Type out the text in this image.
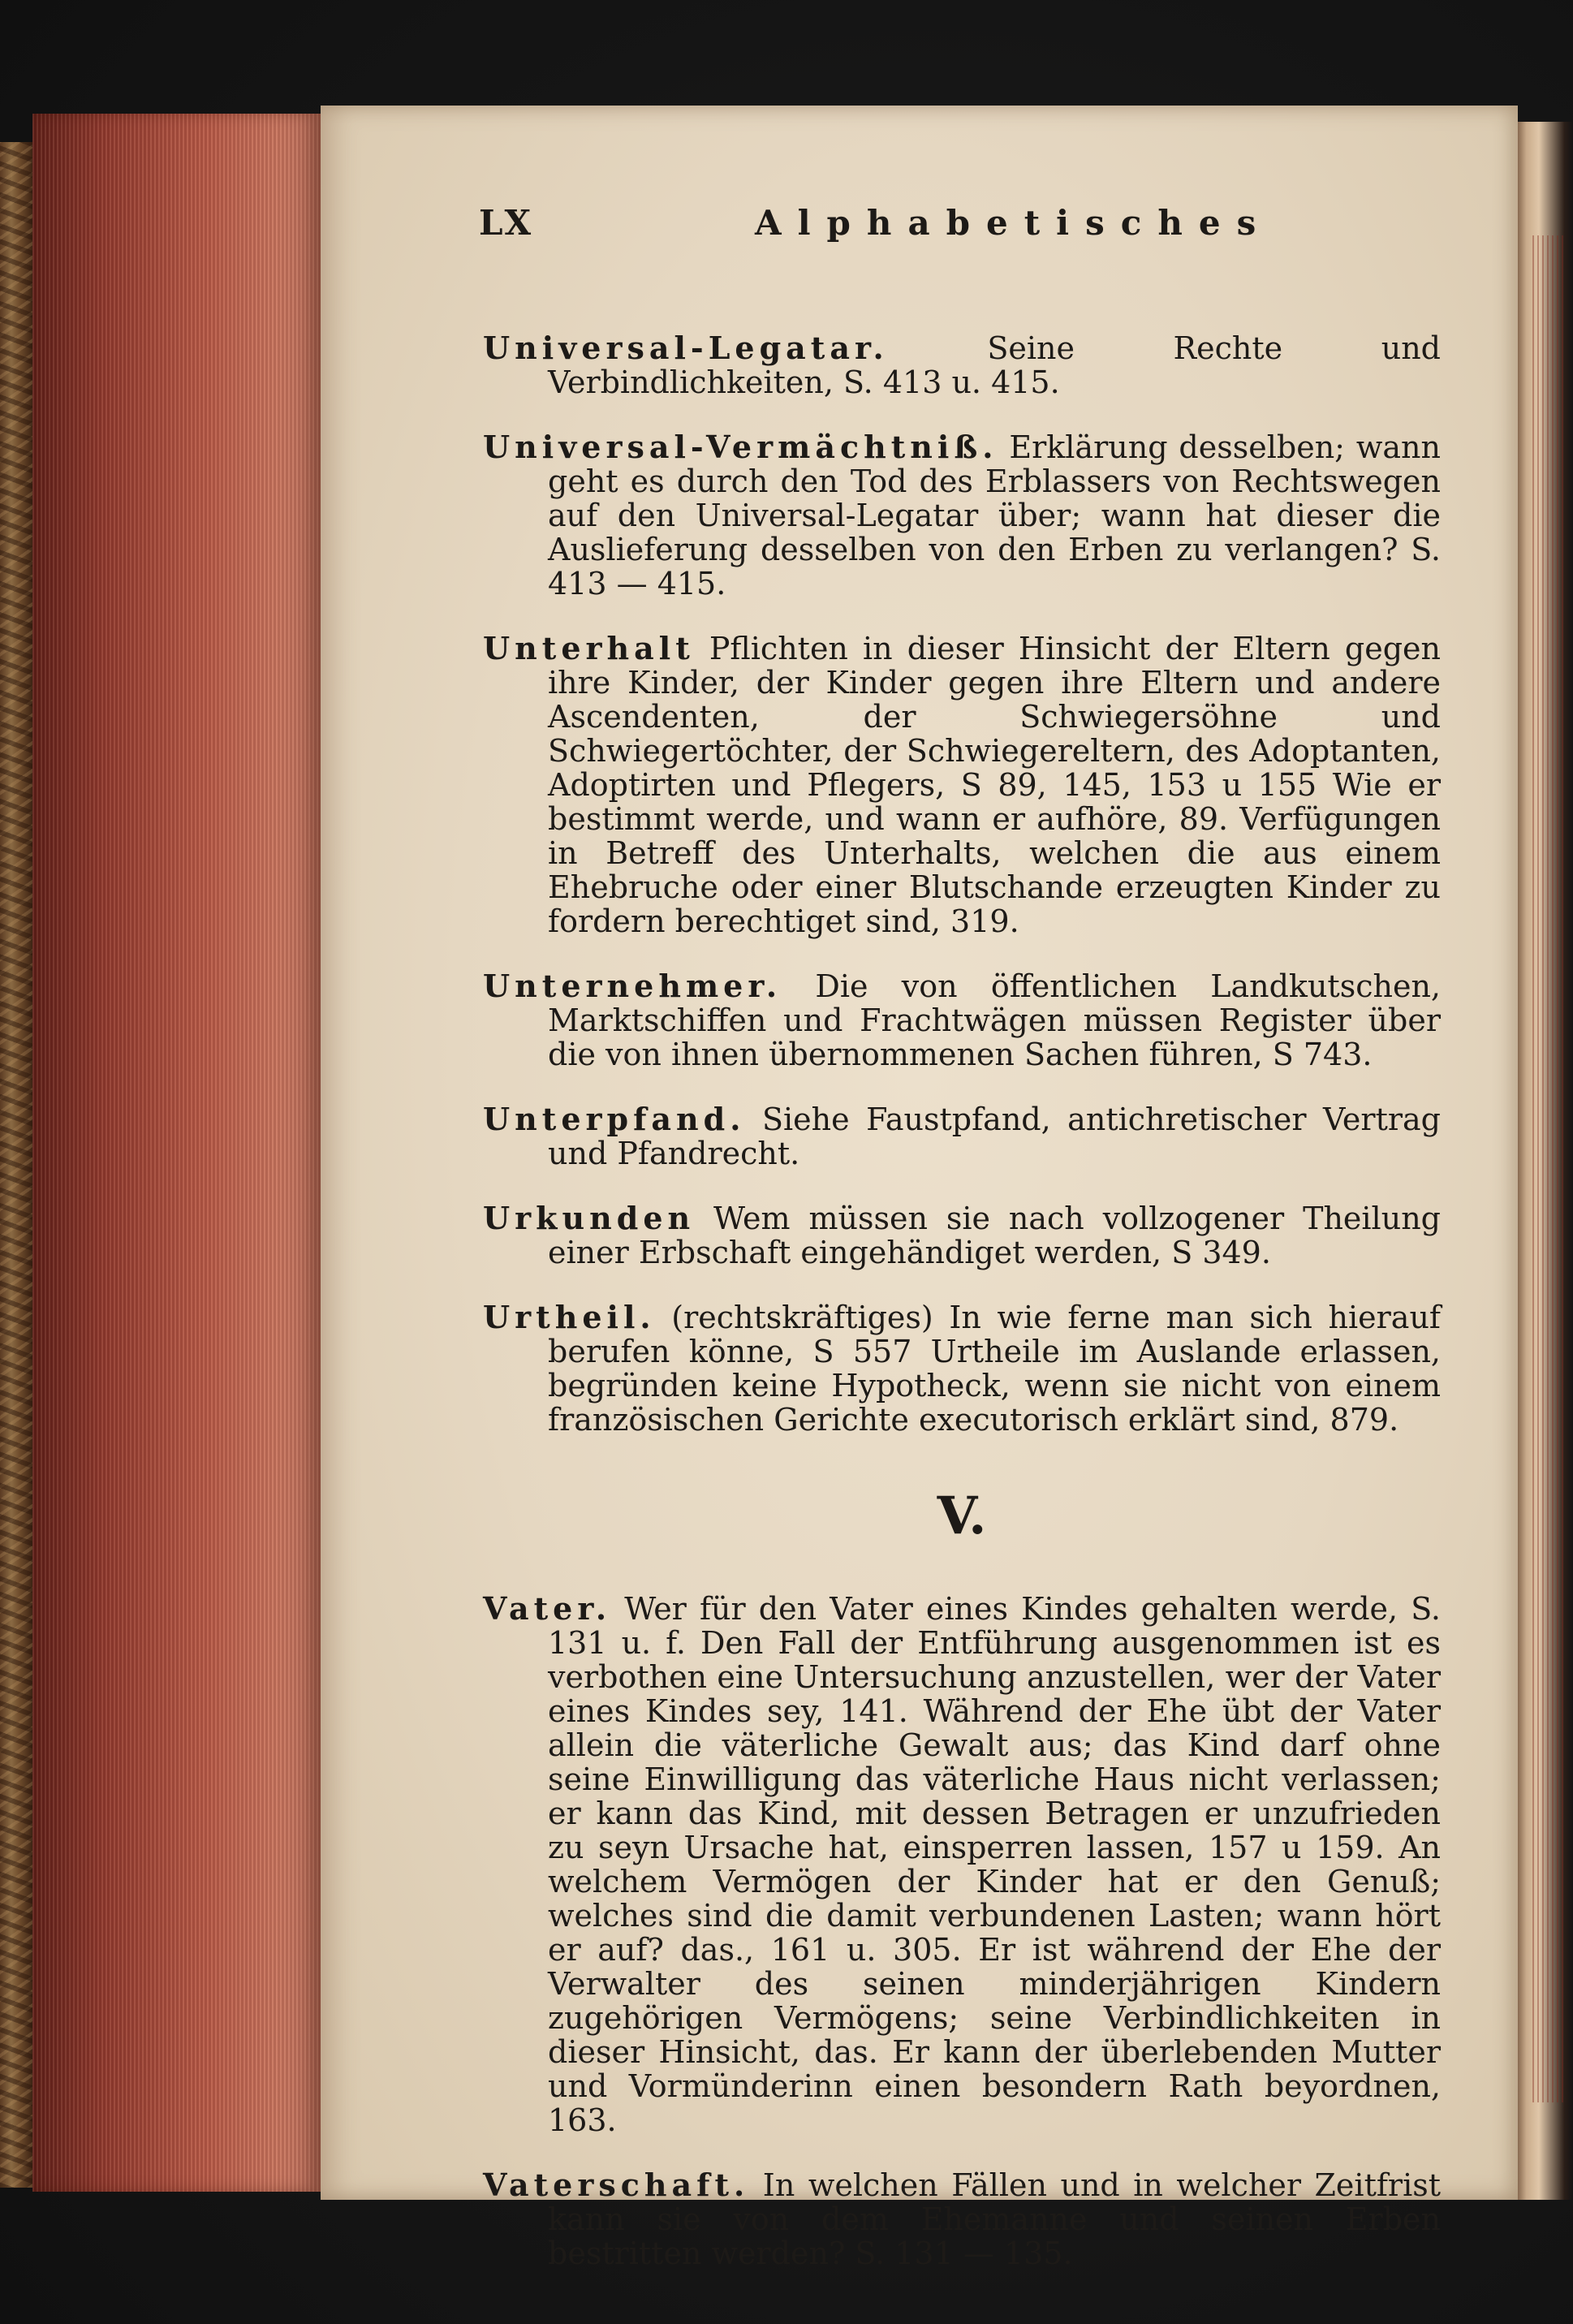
LX	Alphabetisches

Universal-Legatar. Seine Rechte und Verbindlichkeiten, S. 413 u. 415.

Universal-Vermächtniß. Erklärung desselben; wann geht es durch den Tod des Erblassers von Rechtswegen auf den Universal-Legatar über; wann hat dieser die Auslieferung desselben von den Erben zu verlangen? S. 413 — 415.

Unterhalt Pflichten in dieser Hinsicht der Eltern gegen ihre Kinder, der Kinder gegen ihre Eltern und andere Ascendenten, der Schwiegersöhne und Schwiegertöchter, der Schwiegereltern, des Adoptanten, Adoptirten und Pflegers, S 89, 145, 153 u 155 Wie er bestimmt werde, und wann er aufhöre, 89. Verfügungen in Betreff des Unterhalts, welchen die aus einem Ehebruche oder einer Blutschande erzeugten Kinder zu fordern berechtiget sind, 319.

Unternehmer. Die von öffentlichen Landkutschen, Marktschiffen und Frachtwägen müssen Register über die von ihnen übernommenen Sachen führen, S 743.

Unterpfand. Siehe Faustpfand, antichretischer Vertrag und Pfandrecht.

Urkunden Wem müssen sie nach vollzogener Theilung einer Erbschaft eingehändiget werden, S 349.

Urtheil. (rechtskräftiges) In wie ferne man sich hierauf berufen könne, S 557 Urtheile im Auslande erlassen, begründen keine Hypotheck, wenn sie nicht von einem französischen Gerichte executorisch erklärt sind, 879.

V.

Vater. Wer für den Vater eines Kindes gehalten werde, S. 131 u. f. Den Fall der Entführung ausgenommen ist es verbothen eine Untersuchung anzustellen, wer der Vater eines Kindes sey, 141. Während der Ehe übt der Vater allein die väterliche Gewalt aus; das Kind darf ohne seine Einwilligung das väterliche Haus nicht verlassen; er kann das Kind, mit dessen Betragen er unzufrieden zu seyn Ursache hat, einsperren lassen, 157 u 159. An welchem Vermögen der Kinder hat er den Genuß; welches sind die damit verbundenen Lasten; wann hört er auf? das., 161 u. 305. Er ist während der Ehe der Verwalter des seinen minderjährigen Kindern zugehörigen Vermögens; seine Verbindlichkeiten in dieser Hinsicht, das. Er kann der überlebenden Mutter und Vormünderinn einen besondern Rath beyordnen, 163.

Vaterschaft. In welchen Fällen und in welcher Zeitfrist kann sie von dem Ehemanne und seinen Erben bestritten werden? S. 131 — 135.
